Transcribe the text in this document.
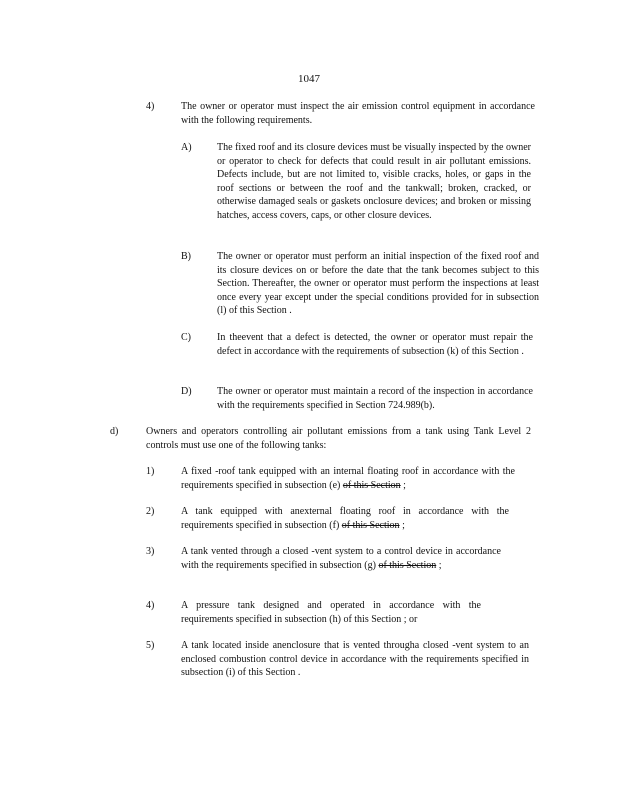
1047
4)	The owner or operator must inspect the air emission control equipment in accordance with the following requirements.
A)	The fixed roof and its closure devices must be visually inspected by the owner or operator to check for defects that could result in air pollutant emissions. Defects include, but are not limited to, visible cracks, holes, or gaps in the roof sections or between the roof and the tankwall; broken, cracked, or otherwise damaged seals or gaskets onclosure devices; and broken or missing hatches, access covers, caps, or other closure devices.
B)	The owner or operator must perform an initial inspection of the fixed roof and its closure devices on or before the date that the tank becomes subject to this Section. Thereafter, the owner or operator must perform the inspections at least once every year except under the special conditions provided for in subsection (l) of this Section .
C)	In theevent that a defect is detected, the owner or operator must repair the defect in accordance with the requirements of subsection (k) of this Section .
D)	The owner or operator must maintain a record of the inspection in accordance with the requirements specified in Section 724.989(b).
d)	Owners and operators controlling air pollutant emissions from a tank using Tank Level 2 controls must use one of the following tanks:
1)	A fixed -roof tank equipped with an internal floating roof in accordance with the requirements specified in subsection (e) of this Section ;
2)	A tank equipped with anexternal floating roof in accordance with the requirements specified in subsection (f) of this Section ;
3)	A tank vented through a closed -vent system to a control device in accordance with the requirements specified in subsection (g) of this Section ;
4)	A pressure tank designed and operated in accordance with the requirements specified in subsection (h) of this Section ; or
5)	A tank located inside anenclosure that is vented througha closed -vent system to an enclosed combustion control device in accordance with the requirements specified in subsection (i) of this Section .
